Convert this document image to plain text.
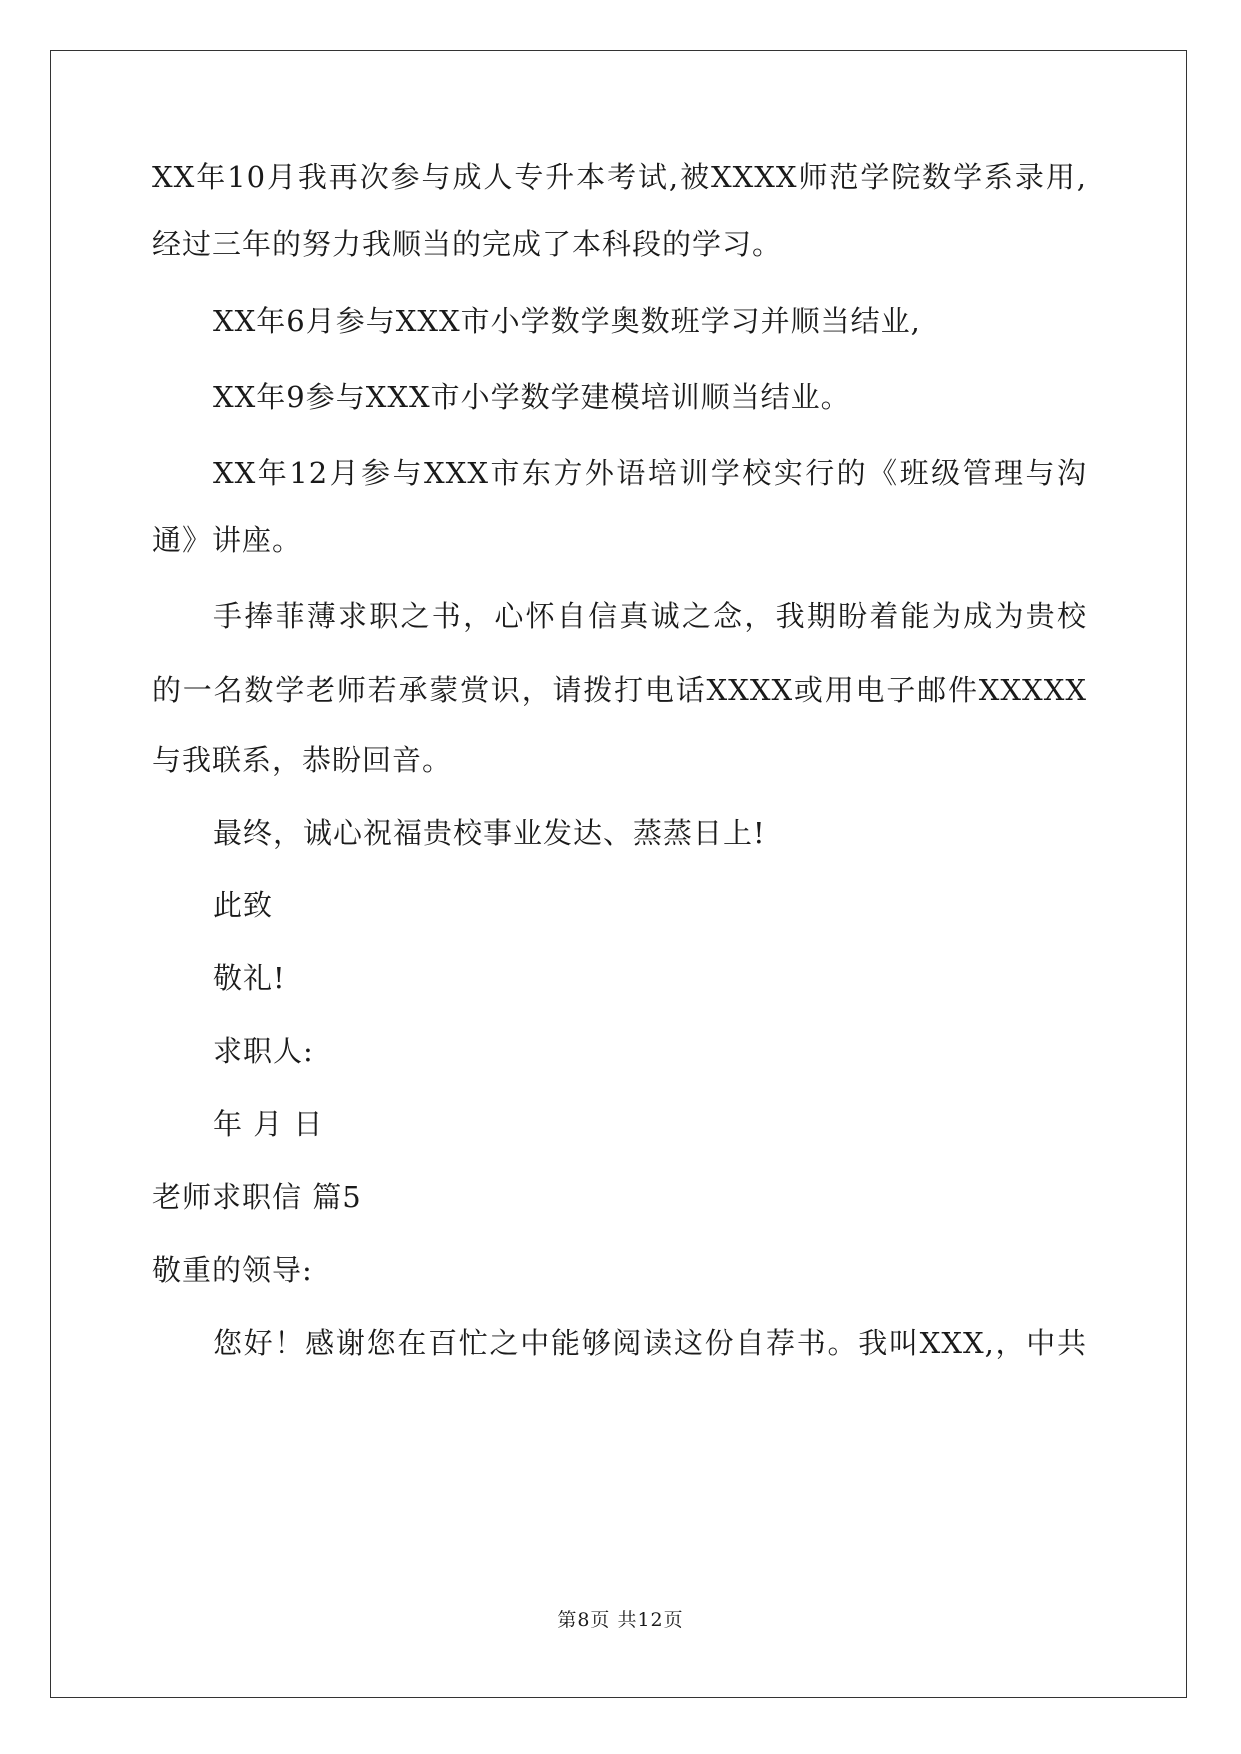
XX年10月我再次参与成人专升本考试,被XXXX师范学院数学系录用,
经过三年的努力我顺当的完成了本科段的学习。
XX年6月参与XXX市小学数学奥数班学习并顺当结业,
XX年9参与XXX市小学数学建模培训顺当结业。
XX年12月参与XXX市东方外语培训学校实行的《班级管理与沟
通》讲座。
手捧菲薄求职之书，心怀自信真诚之念，我期盼着能为成为贵校
的一名数学老师若承蒙赏识，请拨打电话XXXX或用电子邮件XXXXX
与我联系，恭盼回音。
最终，诚心祝福贵校事业发达、蒸蒸日上!
此致
敬礼!
求职人:
年 月 日
老师求职信 篇5
敬重的领导:
您好！感谢您在百忙之中能够阅读这份自荐书。我叫XXX,，中共
第8页 共12页
